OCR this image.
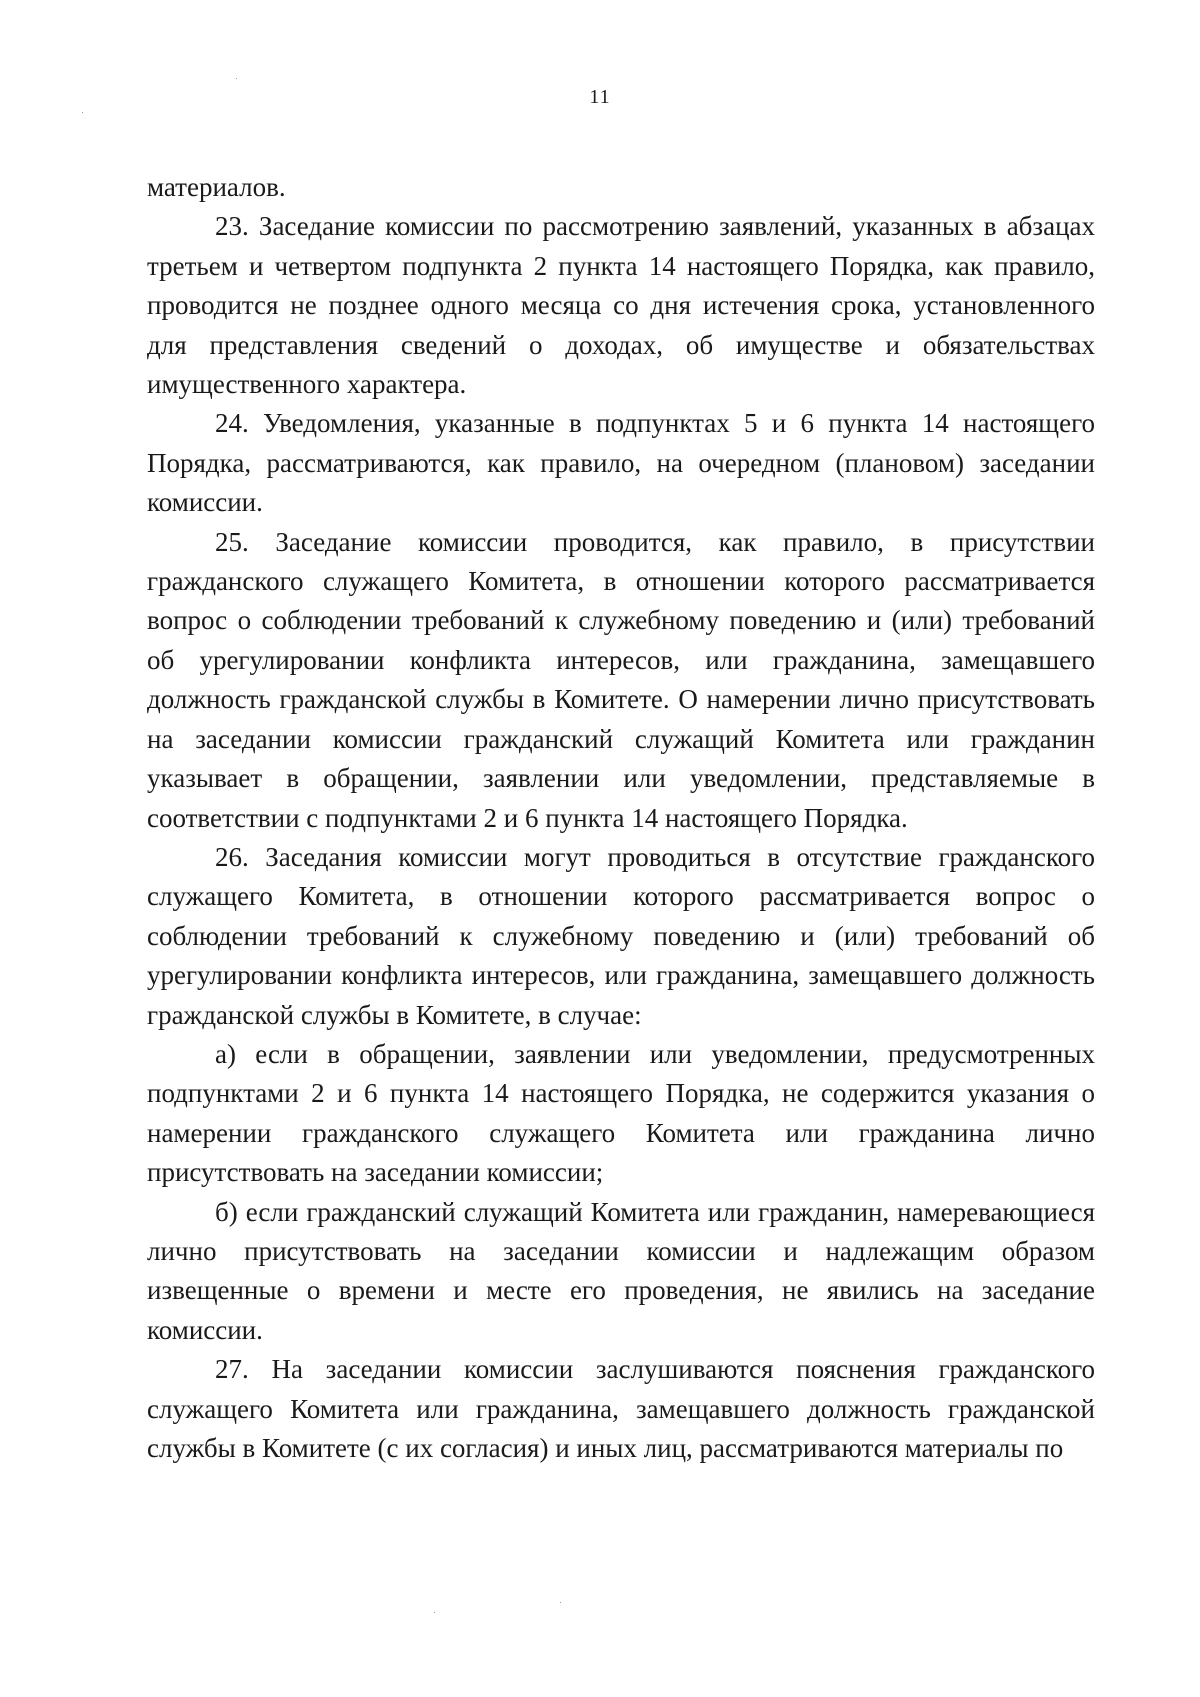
11

материалов.

23. Заседание комиссии по рассмотрению заявлений, указанных в абзацах третьем и четвертом подпункта 2 пункта 14 настоящего Порядка, как правило, проводится не позднее одного месяца со дня истечения срока, установленного для представления сведений о доходах, об имуществе и обязательствах имущественного характера.

24. Уведомления, указанные в подпунктах 5 и 6 пункта 14 настоящего Порядка, рассматриваются, как правило, на очередном (плановом) заседании комиссии.

25. Заседание комиссии проводится, как правило, в присутствии гражданского служащего Комитета, в отношении которого рассматривается вопрос о соблюдении требований к служебному поведению и (или) требований об урегулировании конфликта интересов, или гражданина, замещавшего должность гражданской службы в Комитете. О намерении лично присутствовать на заседании комиссии гражданский служащий Комитета или гражданин указывает в обращении, заявлении или уведомлении, представляемые в соответствии с подпунктами 2 и 6 пункта 14 настоящего Порядка.

26. Заседания комиссии могут проводиться в отсутствие гражданского служащего Комитета, в отношении которого рассматривается вопрос о соблюдении требований к служебному поведению и (или) требований об урегулировании конфликта интересов, или гражданина, замещавшего должность гражданской службы в Комитете, в случае:

а) если в обращении, заявлении или уведомлении, предусмотренных подпунктами 2 и 6 пункта 14 настоящего Порядка, не содержится указания о намерении гражданского служащего Комитета или гражданина лично присутствовать на заседании комиссии;

б) если гражданский служащий Комитета или гражданин, намеревающиеся лично присутствовать на заседании комиссии и надлежащим образом извещенные о времени и месте его проведения, не явились на заседание комиссии.

27. На заседании комиссии заслушиваются пояснения гражданского служащего Комитета или гражданина, замещавшего должность гражданской службы в Комитете (с их согласия) и иных лиц, рассматриваются материалы по
